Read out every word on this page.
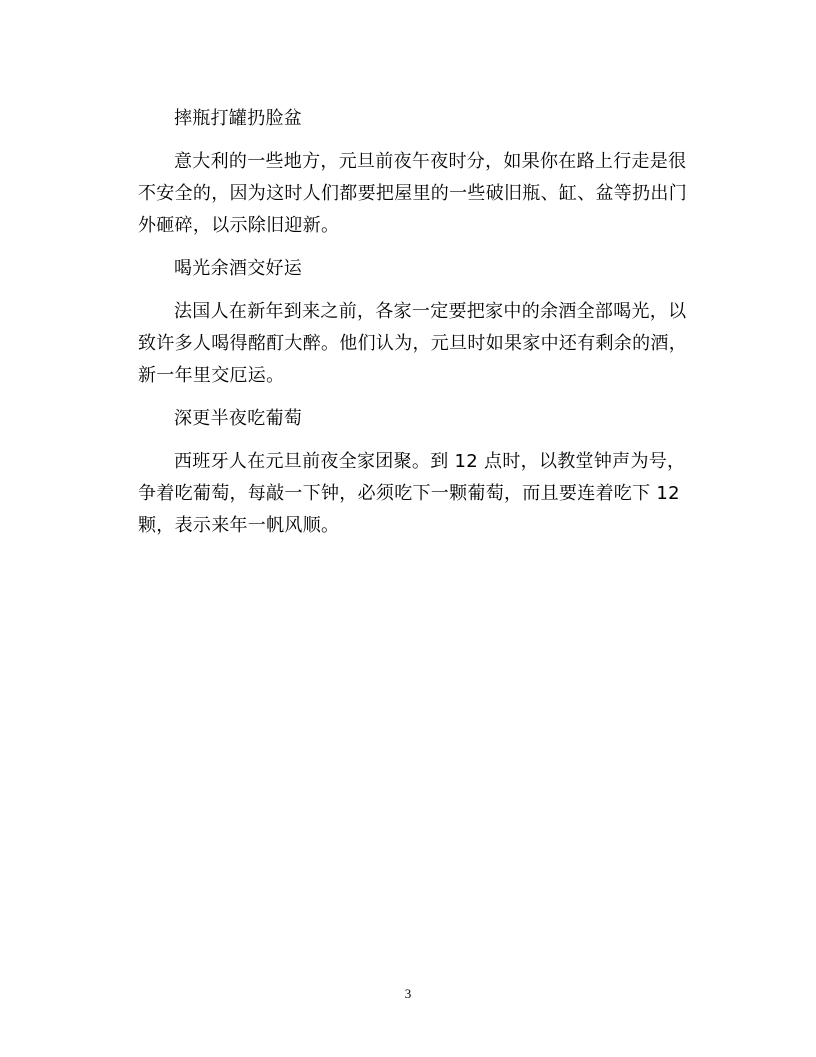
摔瓶打罐扔脸盆

意大利的一些地方，元旦前夜午夜时分，如果你在路上行走是很不安全的，因为这时人们都要把屋里的一些破旧瓶、缸、盆等扔出门外砸碎，以示除旧迎新。

喝光余酒交好运

法国人在新年到来之前，各家一定要把家中的余酒全部喝光，以致许多人喝得酩酊大醉。他们认为，元旦时如果家中还有剩余的酒，新一年里交厄运。

深更半夜吃葡萄

西班牙人在元旦前夜全家团聚。到 12 点时，以教堂钟声为号，争着吃葡萄，每敲一下钟，必须吃下一颗葡萄，而且要连着吃下 12 颗，表示来年一帆风顺。

3
